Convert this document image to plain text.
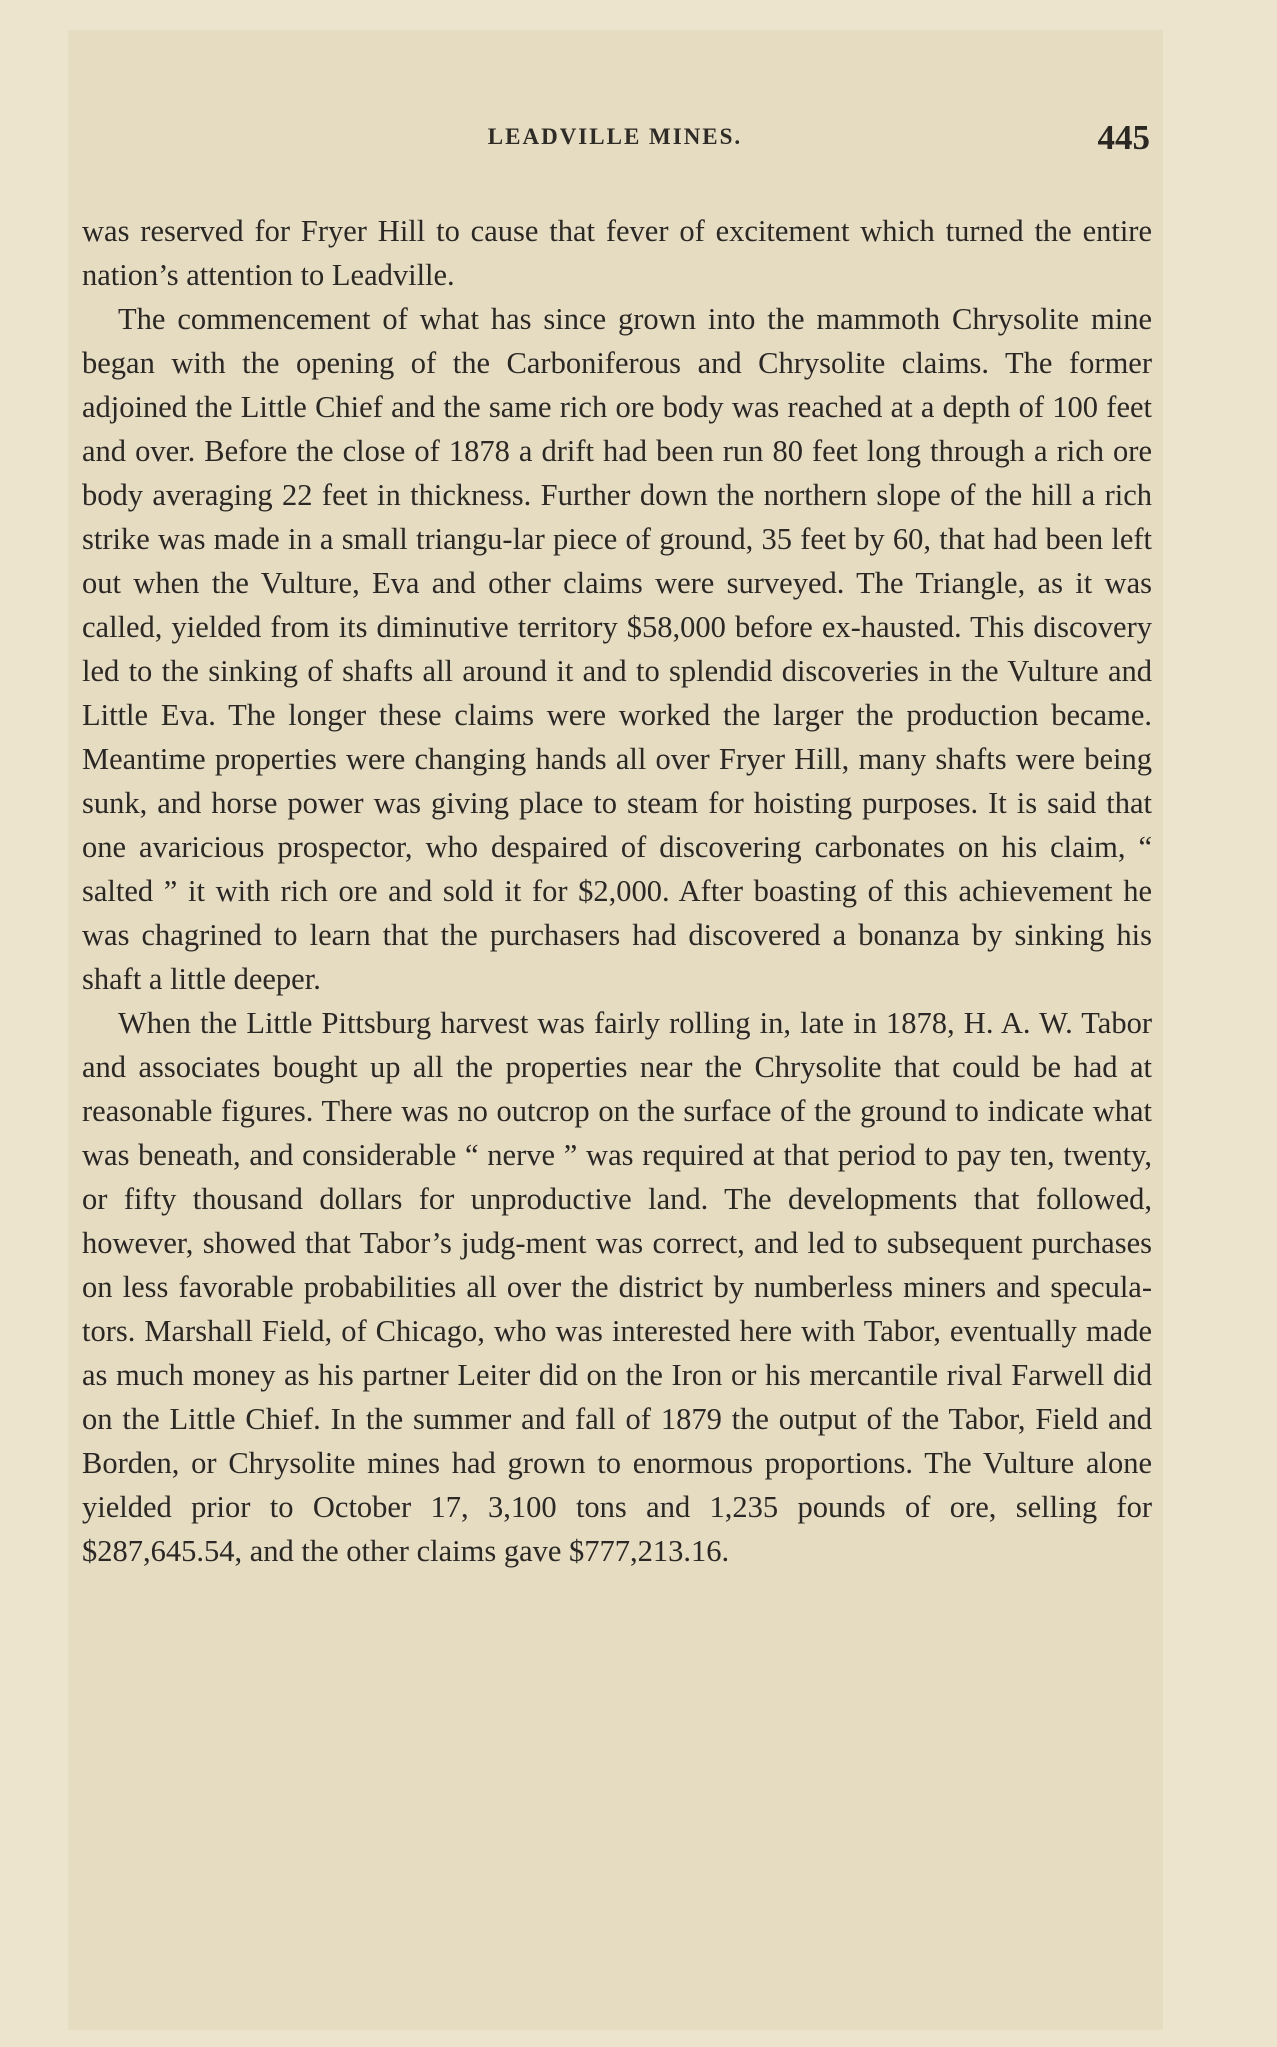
LEADVILLE MINES.	445

was reserved for Fryer Hill to cause that fever of excitement which turned the entire nation’s attention to Leadville.

The commencement of what has since grown into the mammoth Chrysolite mine began with the opening of the Carboniferous and Chrysolite claims. The former adjoined the Little Chief and the same rich ore body was reached at a depth of 100 feet and over. Before the close of 1878 a drift had been run 80 feet long through a rich ore body averaging 22 feet in thickness. Further down the northern slope of the hill a rich strike was made in a small triangu-lar piece of ground, 35 feet by 60, that had been left out when the Vulture, Eva and other claims were surveyed. The Triangle, as it was called, yielded from its diminutive territory $58,000 before ex-hausted. This discovery led to the sinking of shafts all around it and to splendid discoveries in the Vulture and Little Eva. The longer these claims were worked the larger the production became. Meantime properties were changing hands all over Fryer Hill, many shafts were being sunk, and horse power was giving place to steam for hoisting purposes. It is said that one avaricious prospector, who despaired of discovering carbonates on his claim, “ salted ” it with rich ore and sold it for $2,000. After boasting of this achievement he was chagrined to learn that the purchasers had discovered a bonanza by sinking his shaft a little deeper.

When the Little Pittsburg harvest was fairly rolling in, late in 1878, H. A. W. Tabor and associates bought up all the properties near the Chrysolite that could be had at reasonable figures. There was no outcrop on the surface of the ground to indicate what was beneath, and considerable “ nerve ” was required at that period to pay ten, twenty, or fifty thousand dollars for unproductive land. The developments that followed, however, showed that Tabor’s judg-ment was correct, and led to subsequent purchases on less favorable probabilities all over the district by numberless miners and specula-tors. Marshall Field, of Chicago, who was interested here with Tabor, eventually made as much money as his partner Leiter did on the Iron or his mercantile rival Farwell did on the Little Chief. In the summer and fall of 1879 the output of the Tabor, Field and Borden, or Chrysolite mines had grown to enormous proportions. The Vulture alone yielded prior to October 17, 3,100 tons and 1,235 pounds of ore, selling for $287,645.54, and the other claims gave $777,213.16.
